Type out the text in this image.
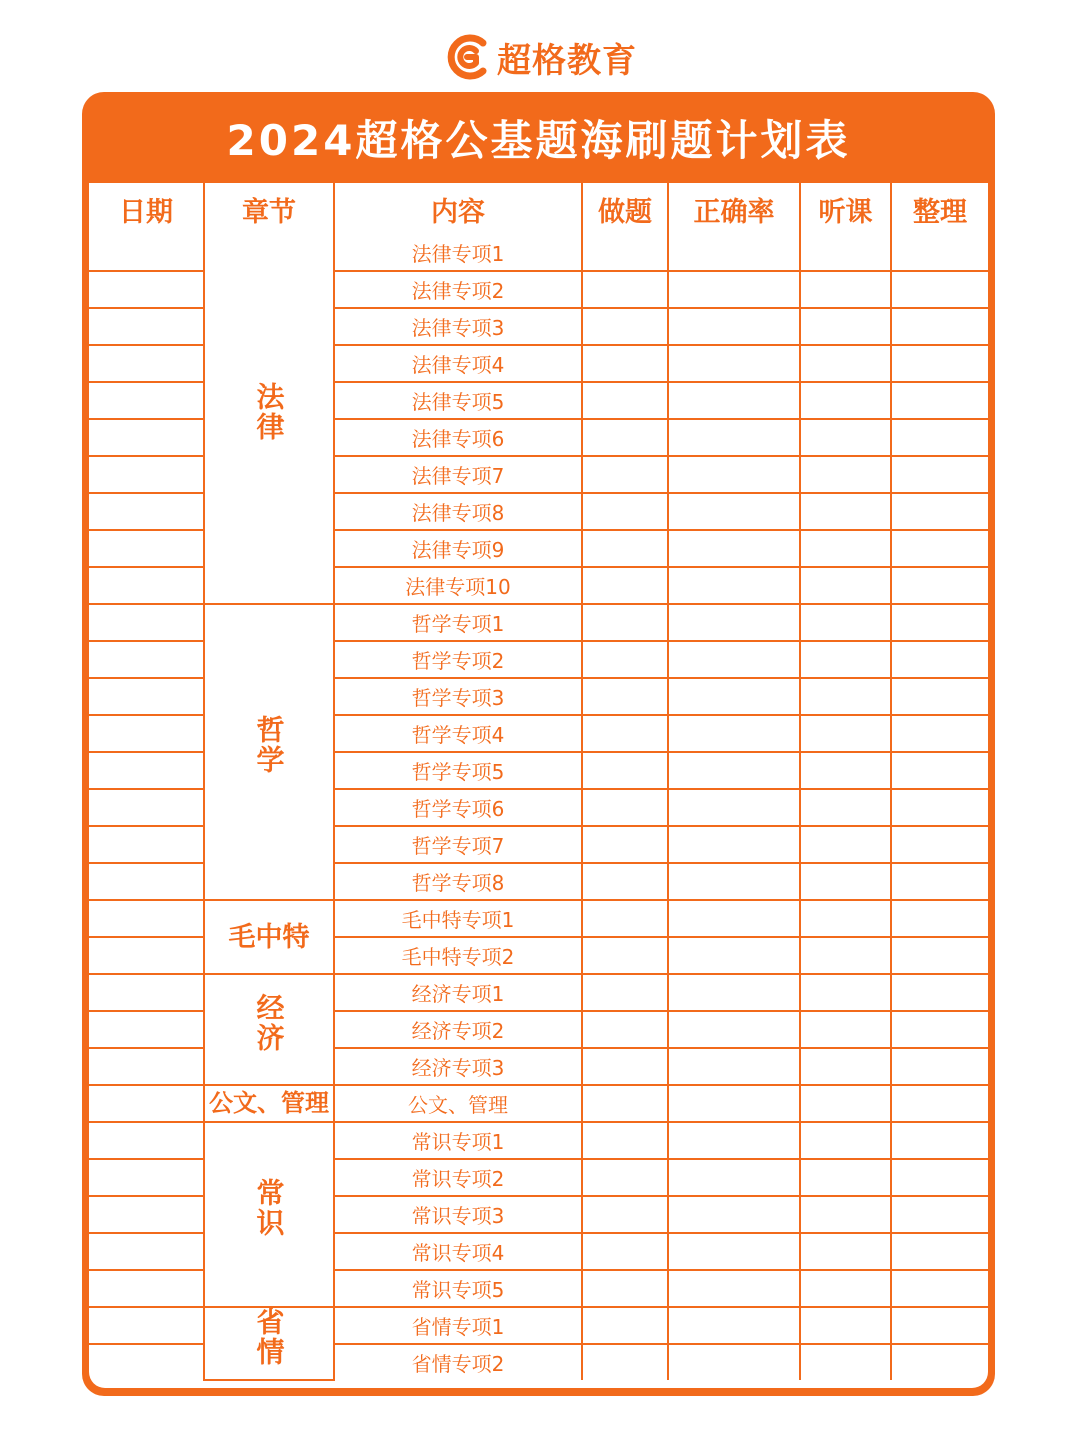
超格教育
2024超格公基题海刷题计划表
日期	章节	内容	做题	正确率	听课	整理
	法律	法律专项1				
		法律专项2				
		法律专项3				
		法律专项4				
		法律专项5				
		法律专项6				
		法律专项7				
		法律专项8				
		法律专项9				
		法律专项10				
	哲学	哲学专项1				
		哲学专项2				
		哲学专项3				
		哲学专项4				
		哲学专项5				
		哲学专项6				
		哲学专项7				
		哲学专项8				
	毛中特	毛中特专项1				
		毛中特专项2				
	经济	经济专项1				
		经济专项2				
		经济专项3				
	公文、管理	公文、管理				
	常识	常识专项1				
		常识专项2				
		常识专项3				
		常识专项4				
		常识专项5				
	省情	省情专项1				
		省情专项2				
